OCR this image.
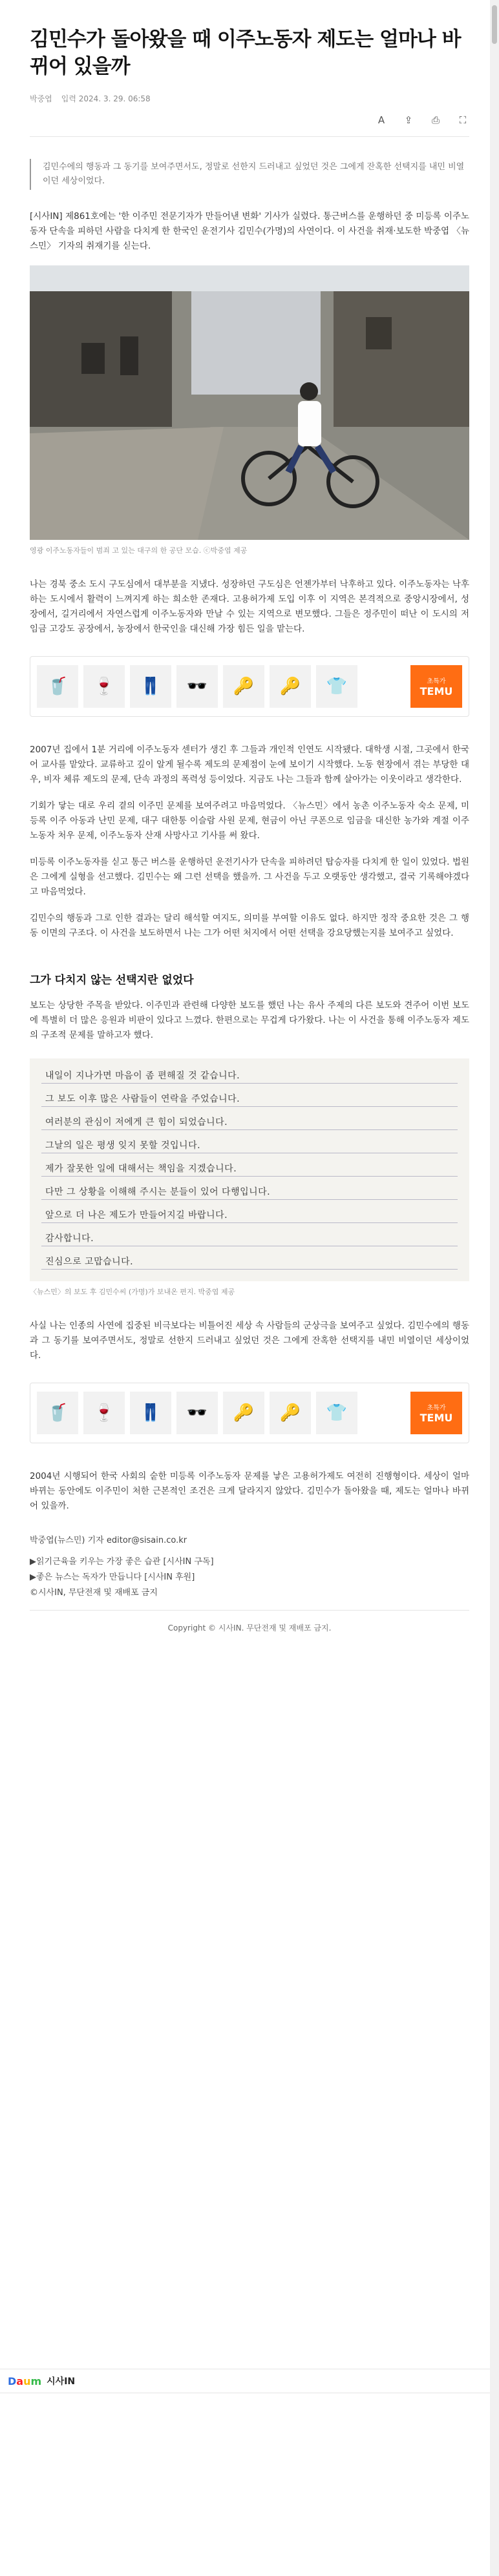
김민수가 돌아왔을 때 이주노동자 제도는 얼마나 바뀌어 있을까
박중엽 입력 2024. 3. 29. 06:58
A	⇪ ⎙	⛶
김민수에의 행동과 그 동기를 보여주면서도, 정말로 선한지 드러내고 싶었던 것은 그에게 잔혹한 선택지를 내민 비열이던 세상이었다.

[시사IN] 제861호에는 '한 이주민 전문기자가 만들어낸 변화' 기사가 실렸다. 통근버스를 운행하던 중 미등록 이주노동자 단속을 피하던 사람을 다치게 한 한국인 운전기사 김민수(가명)의 사연이다. 이 사건을 취재·보도한 박중엽 〈뉴스민〉 기자의 취재기를 싣는다.

영광 이주노동자들이 범죄 고 있는 대구의 한 공단 모습. ⓒ박중엽 제공

나는 경북 중소 도시 구도심에서 대부분을 지냈다. 성장하던 구도심은 언젠가부터 낙후하고 있다. 이주노동자는 낙후하는 도시에서 활력이 느껴지게 하는 희소한 존재다. 고용허가제 도입 이후 이 지역은 본격적으로 중앙시장에서, 성장에서, 길거리에서 자연스럽게 이주노동자와 만날 수 있는 지역으로 변모했다. 그들은 정주민이 떠난 이 도시의 저임금 고강도 공장에서, 농장에서 한국인을 대신해 가장 힘든 일을 맡는다.

🥤 🍷 👖 🕶️ 🔑 🔑 👕	초특가
TEMU

2007년 집에서 1분 거리에 이주노동자 센터가 생긴 후 그들과 개인적 인연도 시작됐다. 대학생 시절, 그곳에서 한국어 교사를 맡았다. 교류하고 깊이 알게 될수록 제도의 문제점이 눈에 보이기 시작했다. 노동 현장에서 겪는 부당한 대우, 비자 체류 제도의 문제, 단속 과정의 폭력성 등이었다. 지금도 나는 그들과 함께 살아가는 이웃이라고 생각한다.

기회가 닿는 대로 우리 곁의 이주민 문제를 보여주려고 마음먹었다. 〈뉴스민〉에서 농촌 이주노동자 숙소 문제, 미등록 이주 아동과 난민 문제, 대구 대한통 이슬람 사원 문제, 현금이 아닌 쿠폰으로 임금을 대신한 농가와 계절 이주노동자 처우 문제, 이주노동자 산재 사망사고 기사를 써 왔다.

미등록 이주노동자를 싣고 통근 버스를 운행하던 운전기사가 단속을 피하려던 탑승자를 다치게 한 일이 있었다. 법원은 그에게 실형을 선고했다. 김민수는 왜 그런 선택을 했을까. 그 사건을 두고 오랫동안 생각했고, 결국 기록해야겠다고 마음먹었다.

김민수의 행동과 그로 인한 결과는 달리 해석할 여지도, 의미를 부여할 이유도 없다. 하지만 정작 중요한 것은 그 행동 이면의 구조다. 이 사건을 보도하면서 나는 그가 어떤 처지에서 어떤 선택을 강요당했는지를 보여주고 싶었다.

그가 다치지 않는 선택지란 없었다

보도는 상당한 주목을 받았다. 이주민과 관련해 다양한 보도를 했던 나는 유사 주제의 다른 보도와 견주어 이번 보도에 특별히 더 많은 응원과 비판이 있다고 느꼈다. 한편으로는 무겁게 다가왔다. 나는 이 사건을 통해 이주노동자 제도의 구조적 문제를 말하고자 했다.

내일이 지나가면 마음이 좀 편해질 것 같습니다.
그 보도 이후 많은 사람들이 연락을 주었습니다.
여러분의 관심이 저에게 큰 힘이 되었습니다.
그날의 일은 평생 잊지 못할 것입니다.
제가 잘못한 일에 대해서는 책임을 지겠습니다.
다만 그 상황을 이해해 주시는 분들이 있어 다행입니다.
앞으로 더 나은 제도가 만들어지길 바랍니다.
감사합니다.
진심으로 고맙습니다.
〈뉴스민〉의 보도 후 김민수씨 (가명)가 보내온 편지. 박중엽 제공

사실 나는 인종의 사연에 집중된 비극보다는 비틀어진 세상 속 사람들의 군상극을 보여주고 싶었다. 김민수에의 행동과 그 동기를 보여주면서도, 정말로 선한지 드러내고 싶었던 것은 그에게 잔혹한 선택지를 내민 비열이던 세상이었다.

🥤 🍷 👖 🕶️ 🔑 🔑 👕	초특가
TEMU

2004년 시행되어 한국 사회의 숱한 미등록 이주노동자 문제를 낳은 고용허가제도 여전히 진행형이다. 세상이 얼마 바뀌는 동안에도 이주민이 처한 근본적인 조건은 크게 달라지지 않았다. 김민수가 돌아왔을 때, 제도는 얼마나 바뀌어 있을까.

박중엽(뉴스민) 기자 editor@sisain.co.kr
▶읽기근육을 키우는 가장 좋은 습관 [시사IN 구독]
▶좋은 뉴스는 독자가 만듭니다 [시사IN 후원]
©시사IN, 무단전재 및 재배포 금지
Copyright © 시사IN. 무단전재 및 재배포 금지.
Daum 시사IN
